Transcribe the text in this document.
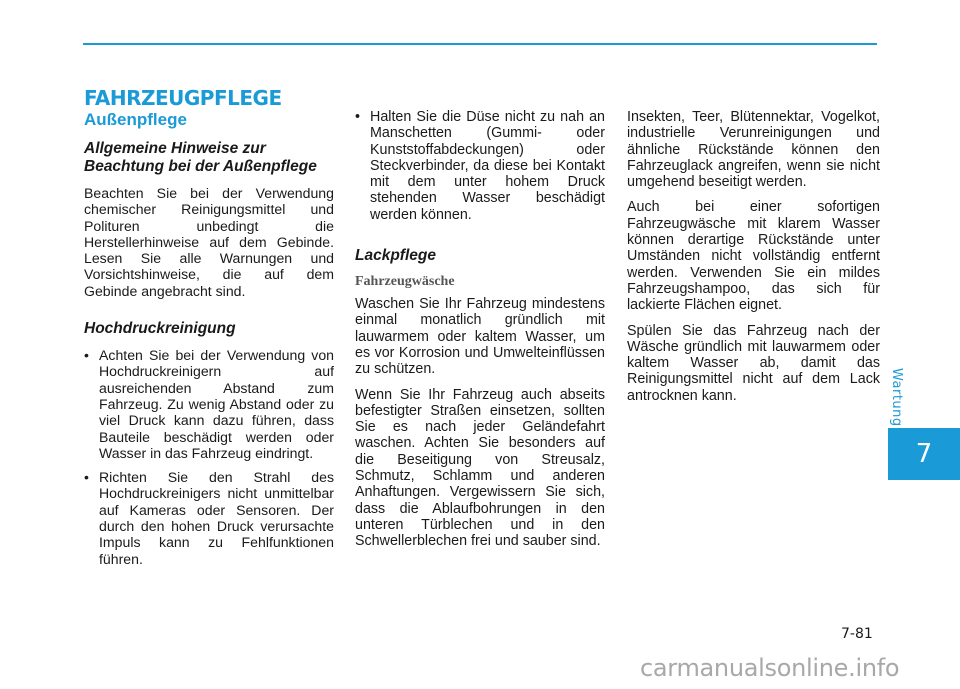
FAHRZEUGPFLEGE
Außenpflege
Allgemeine Hinweise zur
Beachtung bei der Außenpflege

Beachten Sie bei der Verwendung chemischer Reinigungsmittel und Polituren unbedingt die Herstellerhinweise auf dem Gebinde. Lesen Sie alle Warnungen und Vorsichtshinweise, die auf dem Gebinde angebracht sind.

Hochdruckreinigung
• Achten Sie bei der Verwendung von Hochdruckreinigern auf ausreichenden Abstand zum Fahrzeug. Zu wenig Abstand oder zu viel Druck kann dazu führen, dass Bauteile beschädigt werden oder Wasser in das Fahrzeug eindringt.
• Richten Sie den Strahl des Hochdruckreinigers nicht unmittelbar auf Kameras oder Sensoren. Der durch den hohen Druck verursachte Impuls kann zu Fehlfunktionen führen.
• Halten Sie die Düse nicht zu nah an Manschetten (Gummi- oder Kunststoffabdeckungen) oder Steckverbinder, da diese bei Kontakt mit dem unter hohem Druck stehenden Wasser beschädigt werden können.
Lackpflege
Fahrzeugwäsche

Waschen Sie Ihr Fahrzeug mindestens einmal monatlich gründlich mit lauwarmem oder kaltem Wasser, um es vor Korrosion und Umwelteinflüssen zu schützen.

Wenn Sie Ihr Fahrzeug auch abseits befestigter Straßen einsetzen, sollten Sie es nach jeder Geländefahrt waschen. Achten Sie besonders auf die Beseitigung von Streusalz, Schmutz, Schlamm und anderen Anhaftungen. Vergewissern Sie sich, dass die Ablaufbohrungen in den unteren Türblechen und in den Schwellerblechen frei und sauber sind.

Insekten, Teer, Blütennektar, Vogelkot, industrielle Verunreinigungen und ähnliche Rückstände können den Fahrzeuglack angreifen, wenn sie nicht umgehend beseitigt werden.

Auch bei einer sofortigen Fahrzeugwäsche mit klarem Wasser können derartige Rückstände unter Umständen nicht vollständig entfernt werden. Verwenden Sie ein mildes Fahrzeugshampoo, das sich für lackierte Flächen eignet.

Spülen Sie das Fahrzeug nach der Wäsche gründlich mit lauwarmem oder kaltem Wasser ab, damit das Reinigungsmittel nicht auf dem Lack antrocknen kann.	Wartung
7
7-81
carmanualsonline.info
